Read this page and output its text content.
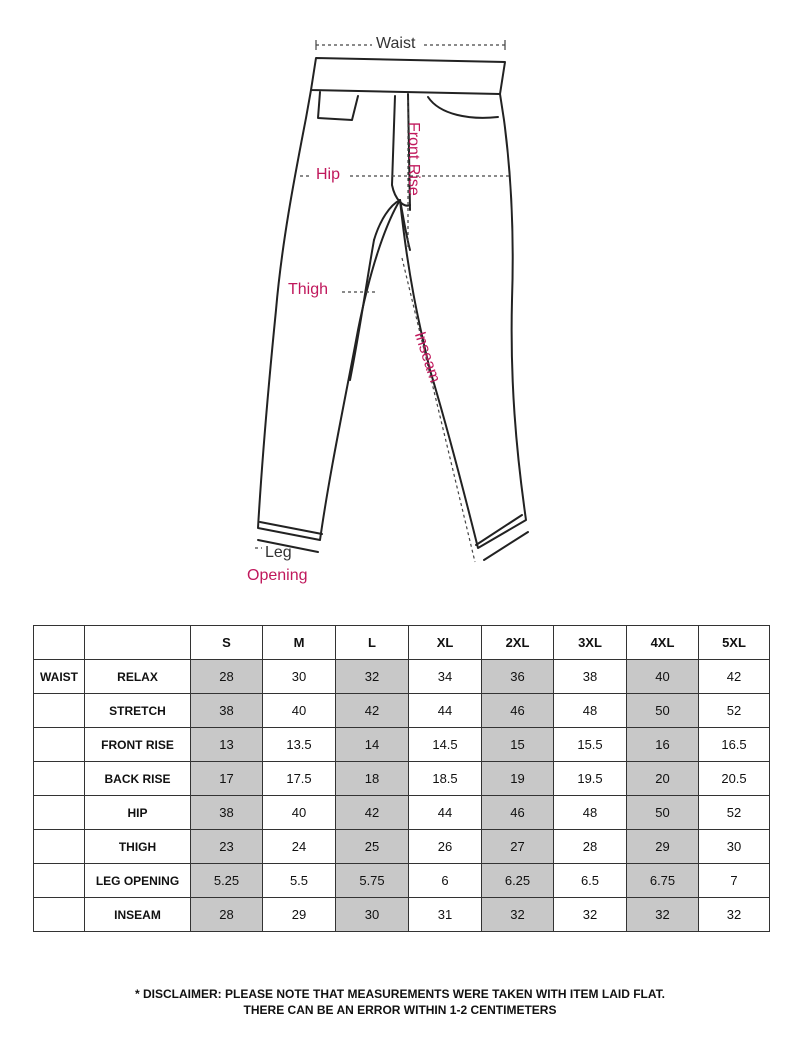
Waist
Hip	Front Rise
Thigh
Inseam
Leg
Opening
		S	M	L	XL	2XL	3XL	4XL	5XL
WAIST	RELAX	28	30	32	34	36	38	40	42
	STRETCH	38	40	42	44	46	48	50	52
	FRONT RISE	13	13.5	14	14.5	15	15.5	16	16.5
	BACK RISE	17	17.5	18	18.5	19	19.5	20	20.5
	HIP	38	40	42	44	46	48	50	52
	THIGH	23	24	25	26	27	28	29	30
	LEG OPENING	5.25	5.5	5.75	6	6.25	6.5	6.75	7
	INSEAM	28	29	30	31	32	32	32	32
* DISCLAIMER: PLEASE NOTE THAT MEASUREMENTS WERE TAKEN WITH ITEM LAID FLAT.
THERE CAN BE AN ERROR WITHIN 1-2 CENTIMETERS
